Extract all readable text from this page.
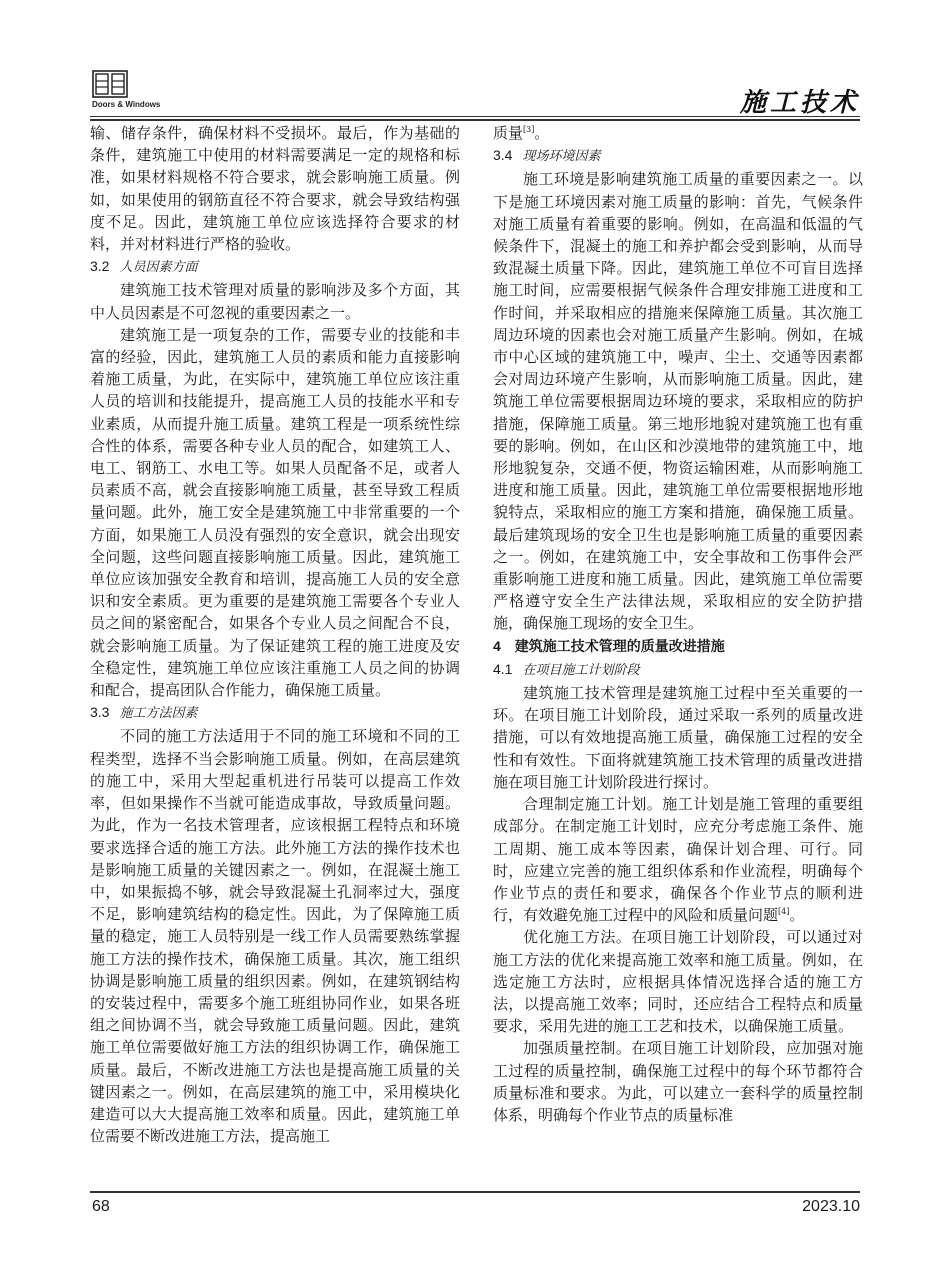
Doors & Windows	施工技术

输、储存条件，确保材料不受损坏。最后，作为基础的条件，建筑施工中使用的材料需要满足一定的规格和标准，如果材料规格不符合要求，就会影响施工质量。例如，如果使用的钢筋直径不符合要求，就会导致结构强度不足。因此，建筑施工单位应该选择符合要求的材料，并对材料进行严格的验收。

3.2 人员因素方面

建筑施工技术管理对质量的影响涉及多个方面，其中人员因素是不可忽视的重要因素之一。

建筑施工是一项复杂的工作，需要专业的技能和丰富的经验，因此，建筑施工人员的素质和能力直接影响着施工质量，为此，在实际中，建筑施工单位应该注重人员的培训和技能提升，提高施工人员的技能水平和专业素质，从而提升施工质量。建筑工程是一项系统性综合性的体系，需要各种专业人员的配合，如建筑工人、电工、钢筋工、水电工等。如果人员配备不足，或者人员素质不高，就会直接影响施工质量，甚至导致工程质量问题。此外，施工安全是建筑施工中非常重要的一个方面，如果施工人员没有强烈的安全意识，就会出现安全问题，这些问题直接影响施工质量。因此，建筑施工单位应该加强安全教育和培训，提高施工人员的安全意识和安全素质。更为重要的是建筑施工需要各个专业人员之间的紧密配合，如果各个专业人员之间配合不良，就会影响施工质量。为了保证建筑工程的施工进度及安全稳定性，建筑施工单位应该注重施工人员之间的协调和配合，提高团队合作能力，确保施工质量。

3.3 施工方法因素

不同的施工方法适用于不同的施工环境和不同的工程类型，选择不当会影响施工质量。例如，在高层建筑的施工中，采用大型起重机进行吊装可以提高工作效率，但如果操作不当就可能造成事故，导致质量问题。为此，作为一名技术管理者，应该根据工程特点和环境要求选择合适的施工方法。此外施工方法的操作技术也是影响施工质量的关键因素之一。例如，在混凝土施工中，如果振捣不够，就会导致混凝土孔洞率过大，强度不足，影响建筑结构的稳定性。因此，为了保障施工质量的稳定，施工人员特别是一线工作人员需要熟练掌握施工方法的操作技术，确保施工质量。其次，施工组织协调是影响施工质量的组织因素。例如，在建筑钢结构的安装过程中，需要多个施工班组协同作业，如果各班组之间协调不当，就会导致施工质量问题。因此，建筑施工单位需要做好施工方法的组织协调工作，确保施工质量。最后，不断改进施工方法也是提高施工质量的关键因素之一。例如，在高层建筑的施工中，采用模块化建造可以大大提高施工效率和质量。因此，建筑施工单位需要不断改进施工方法，提高施工

质量[3]。

3.4 现场环境因素

施工环境是影响建筑施工质量的重要因素之一。以下是施工环境因素对施工质量的影响：首先，气候条件对施工质量有着重要的影响。例如，在高温和低温的气候条件下，混凝土的施工和养护都会受到影响，从而导致混凝土质量下降。因此，建筑施工单位不可盲目选择施工时间，应需要根据气候条件合理安排施工进度和工作时间，并采取相应的措施来保障施工质量。其次施工周边环境的因素也会对施工质量产生影响。例如，在城市中心区域的建筑施工中，噪声、尘土、交通等因素都会对周边环境产生影响，从而影响施工质量。因此，建筑施工单位需要根据周边环境的要求，采取相应的防护措施，保障施工质量。第三地形地貌对建筑施工也有重要的影响。例如，在山区和沙漠地带的建筑施工中，地形地貌复杂，交通不便，物资运输困难，从而影响施工进度和施工质量。因此，建筑施工单位需要根据地形地貌特点，采取相应的施工方案和措施，确保施工质量。最后建筑现场的安全卫生也是影响施工质量的重要因素之一。例如，在建筑施工中，安全事故和工伤事件会严重影响施工进度和施工质量。因此，建筑施工单位需要严格遵守安全生产法律法规，采取相应的安全防护措施，确保施工现场的安全卫生。

4 建筑施工技术管理的质量改进措施
4.1 在项目施工计划阶段

建筑施工技术管理是建筑施工过程中至关重要的一环。在项目施工计划阶段，通过采取一系列的质量改进措施，可以有效地提高施工质量，确保施工过程的安全性和有效性。下面将就建筑施工技术管理的质量改进措施在项目施工计划阶段进行探讨。

合理制定施工计划。施工计划是施工管理的重要组成部分。在制定施工计划时，应充分考虑施工条件、施工周期、施工成本等因素，确保计划合理、可行。同时，应建立完善的施工组织体系和作业流程，明确每个作业节点的责任和要求，确保各个作业节点的顺利进行，有效避免施工过程中的风险和质量问题[4]。

优化施工方法。在项目施工计划阶段，可以通过对施工方法的优化来提高施工效率和施工质量。例如，在选定施工方法时，应根据具体情况选择合适的施工方法，以提高施工效率；同时，还应结合工程特点和质量要求，采用先进的施工工艺和技术，以确保施工质量。

加强质量控制。在项目施工计划阶段，应加强对施工过程的质量控制，确保施工过程中的每个环节都符合质量标准和要求。为此，可以建立一套科学的质量控制体系，明确每个作业节点的质量标准

68	2023.10
